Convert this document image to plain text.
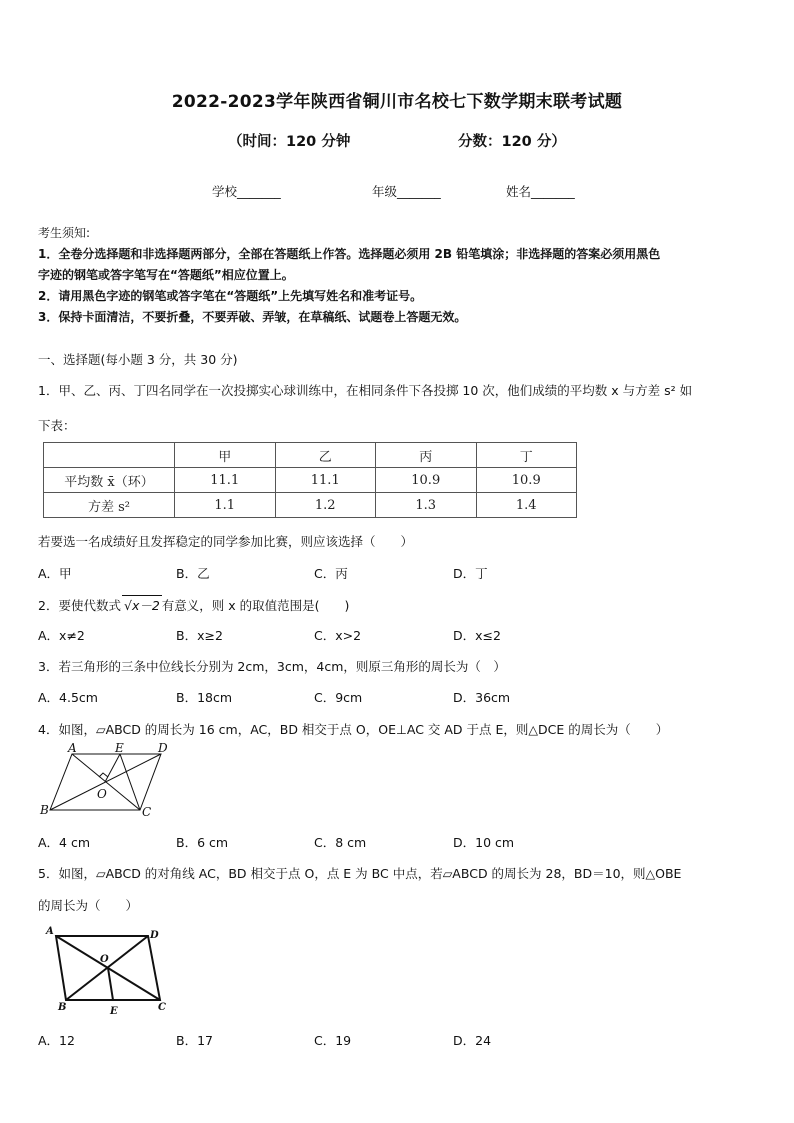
2022-2023学年陕西省铜川市名校七下数学期末联考试题
（时间：120 分钟	分数：120 分）
学校_______	年级_______	姓名_______
考生须知:
1．全卷分选择题和非选择题两部分，全部在答题纸上作答。选择题必须用 2B 铅笔填涂；非选择题的答案必须用黑色
字迹的钢笔或答字笔写在“答题纸”相应位置上。
2．请用黑色字迹的钢笔或答字笔在“答题纸”上先填写姓名和准考证号。
3．保持卡面清洁，不要折叠，不要弄破、弄皱，在草稿纸、试题卷上答题无效。
一、选择题(每小题 3 分，共 30 分)
1．甲、乙、丙、丁四名同学在一次投掷实心球训练中，在相同条件下各投掷 10 次，他们成绩的平均数 x 与方差 s² 如
下表：
	甲	乙	丙	丁
平均数 x̄（环）	11.1	11.1	10.9	10.9
方差 s²	1.1	1.2	1.3	1.4
若要选一名成绩好且发挥稳定的同学参加比赛，则应该选择（　　）
A．甲	B．乙	C．丙	D．丁
2．要使代数式 √x－2 有意义，则 x 的取值范围是(　　)
A．x≠2	B．x≥2	C．x>2	D．x≤2
3．若三角形的三条中位线长分别为 2cm，3cm，4cm，则原三角形的周长为（　）
A．4.5cm	B．18cm	C．9cm	D．36cm
4．如图，▱ABCD 的周长为 16 cm，AC，BD 相交于点 O，OE⊥AC 交 AD 于点 E，则△DCE 的周长为（　　）
A	E	D
O
B	C
A．4 cm	B．6 cm	C．8 cm	D．10 cm
5．如图，▱ABCD 的对角线 AC，BD 相交于点 O，点 E 为 BC 中点，若▱ABCD 的周长为 28，BD＝10，则△OBE
的周长为（　　）
A	D
O
B	E	C
A．12	B．17	C．19	D．24
